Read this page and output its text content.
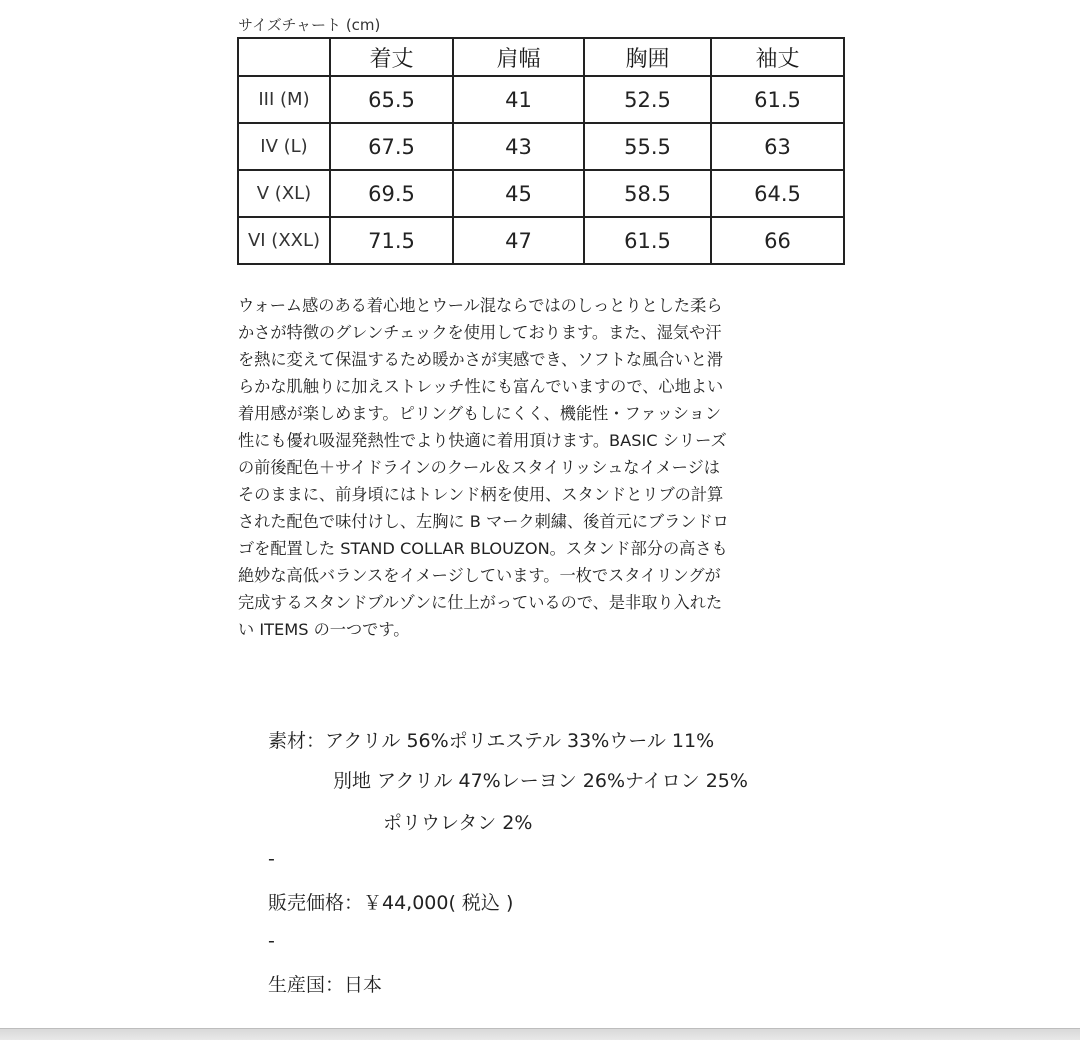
サイズチャート (cm)
	着丈	肩幅	胸囲	袖丈
III (M)	65.5	41	52.5	61.5
IV (L)	67.5	43	55.5	63
V (XL)	69.5	45	58.5	64.5
VI (XXL)	71.5	47	61.5	66
ウォーム感のある着心地とウール混ならではのしっとりとした柔ら
かさが特徴のグレンチェックを使用しております。また、湿気や汗
を熱に変えて保温するため暖かさが実感でき、ソフトな風合いと滑
らかな肌触りに加えストレッチ性にも富んでいますので、心地よい
着用感が楽しめます。ピリングもしにくく、機能性・ファッション
性にも優れ吸湿発熱性でより快適に着用頂けます。BASIC シリーズ
の前後配色＋サイドラインのクール＆スタイリッシュなイメージは
そのままに、前身頃にはトレンド柄を使用、スタンドとリブの計算
された配色で味付けし、左胸に B マーク刺繍、後首元にブランドロ
ゴを配置した STAND COLLAR BLOUZON。スタンド部分の高さも
絶妙な高低バランスをイメージしています。一枚でスタイリングが
完成するスタンドブルゾンに仕上がっているので、是非取り入れた
い ITEMS の一つです。
素材：アクリル 56%ポリエステル 33%ウール 11%
別地 アクリル 47%レーヨン 26%ナイロン 25%
ポリウレタン 2%
-
販売価格：￥44,000( 税込 )
-
生産国：日本
